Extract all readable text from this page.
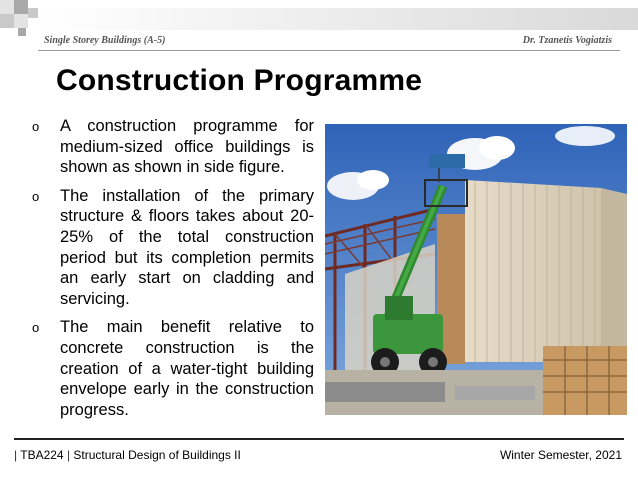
Single Storey Buildings (A-5)	Dr. Tzanetis Vogiatzis
Construction Programme
o A construction programme for medium-sized office buildings is shown as shown in side figure.
o The installation of the primary structure & floors takes about 20-25% of the total construction period but its completion permits an early start on cladding and servicing.
o The main benefit relative to concrete construction is the creation of a water-tight building envelope early in the construction progress.
| TBA224 | Structural Design of Buildings II	Winter Semester, 2021
